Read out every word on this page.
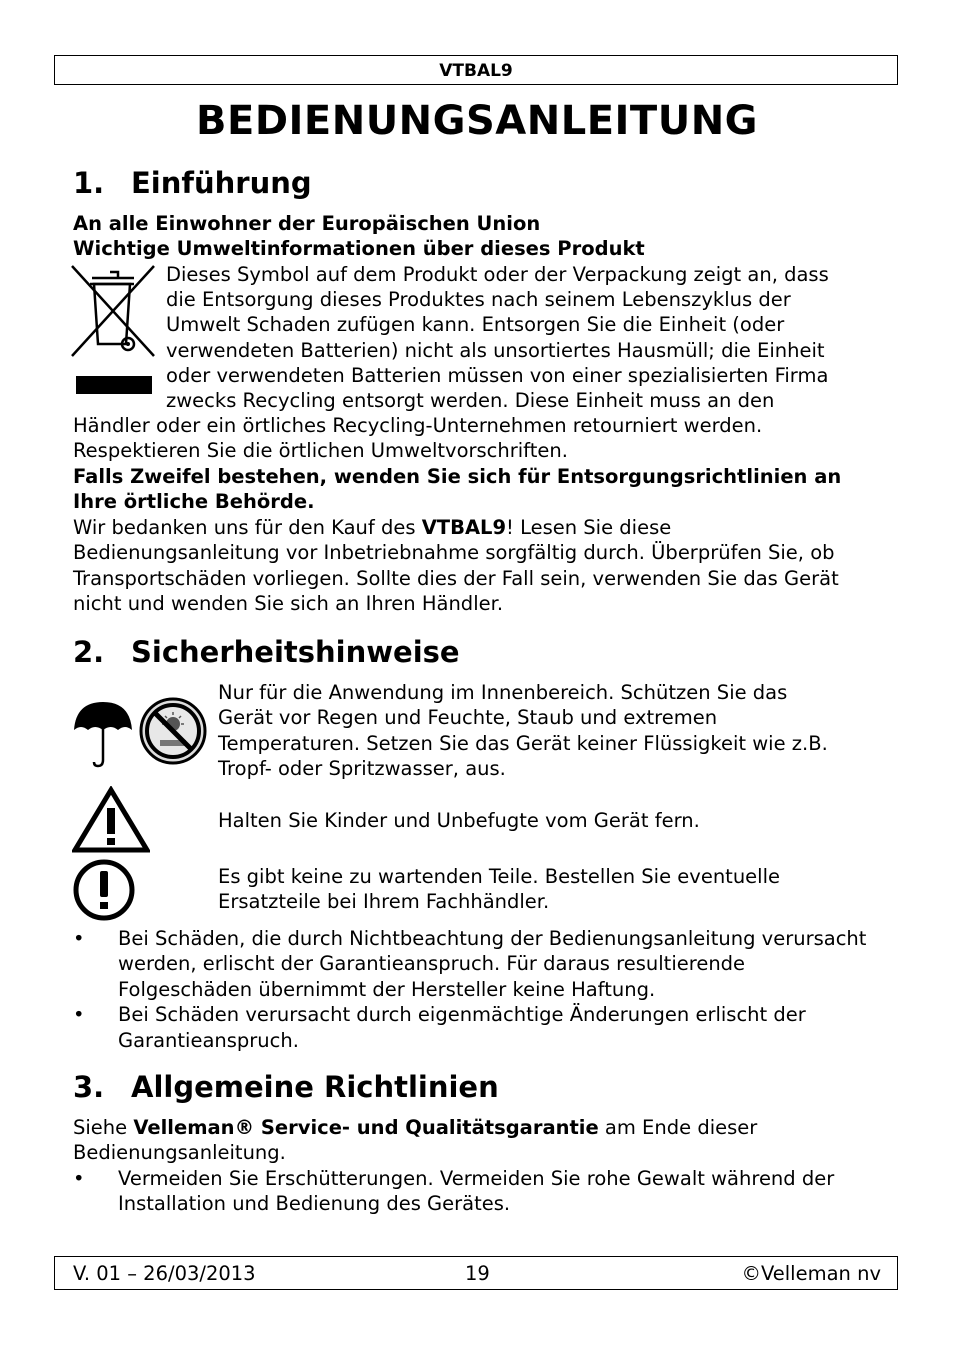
VTBAL9
BEDIENUNGSANLEITUNG
1. Einführung

An alle Einwohner der Europäischen Union

Wichtige Umweltinformationen über dieses Produkt

Dieses Symbol auf dem Produkt oder der Verpackung zeigt an, dass

die Entsorgung dieses Produktes nach seinem Lebenszyklus der

Umwelt Schaden zufügen kann. Entsorgen Sie die Einheit (oder

verwendeten Batterien) nicht als unsortiertes Hausmüll; die Einheit

oder verwendeten Batterien müssen von einer spezialisierten Firma

zwecks Recycling entsorgt werden. Diese Einheit muss an den

Händler oder ein örtliches Recycling-Unternehmen retourniert werden. Respektieren Sie die örtlichen Umweltvorschriften.

Falls Zweifel bestehen, wenden Sie sich für Entsorgungsrichtlinien an Ihre örtliche Behörde.

Wir bedanken uns für den Kauf des VTBAL9! Lesen Sie diese Bedienungsanleitung vor Inbetriebnahme sorgfältig durch. Überprüfen Sie, ob Transportschäden vorliegen. Sollte dies der Fall sein, verwenden Sie das Gerät nicht und wenden Sie sich an Ihren Händler.

2. Sicherheitshinweise

Nur für die Anwendung im Innenbereich. Schützen Sie das Gerät vor Regen und Feuchte, Staub und extremen Temperaturen. Setzen Sie das Gerät keiner Flüssigkeit wie z.B. Tropf- oder Spritzwasser, aus.

Halten Sie Kinder und Unbefugte vom Gerät fern.

Es gibt keine zu wartenden Teile. Bestellen Sie eventuelle Ersatzteile bei Ihrem Fachhändler.

• Bei Schäden, die durch Nichtbeachtung der Bedienungsanleitung verursacht werden, erlischt der Garantieanspruch. Für daraus resultierende Folgeschäden übernimmt der Hersteller keine Haftung.
• Bei Schäden verursacht durch eigenmächtige Änderungen erlischt der Garantieanspruch.
3. Allgemeine Richtlinien

Siehe Velleman® Service- und Qualitätsgarantie am Ende dieser Bedienungsanleitung.

• Vermeiden Sie Erschütterungen. Vermeiden Sie rohe Gewalt während der Installation und Bedienung des Gerätes.
V. 01 – 26/03/2013	19	©Velleman nv
